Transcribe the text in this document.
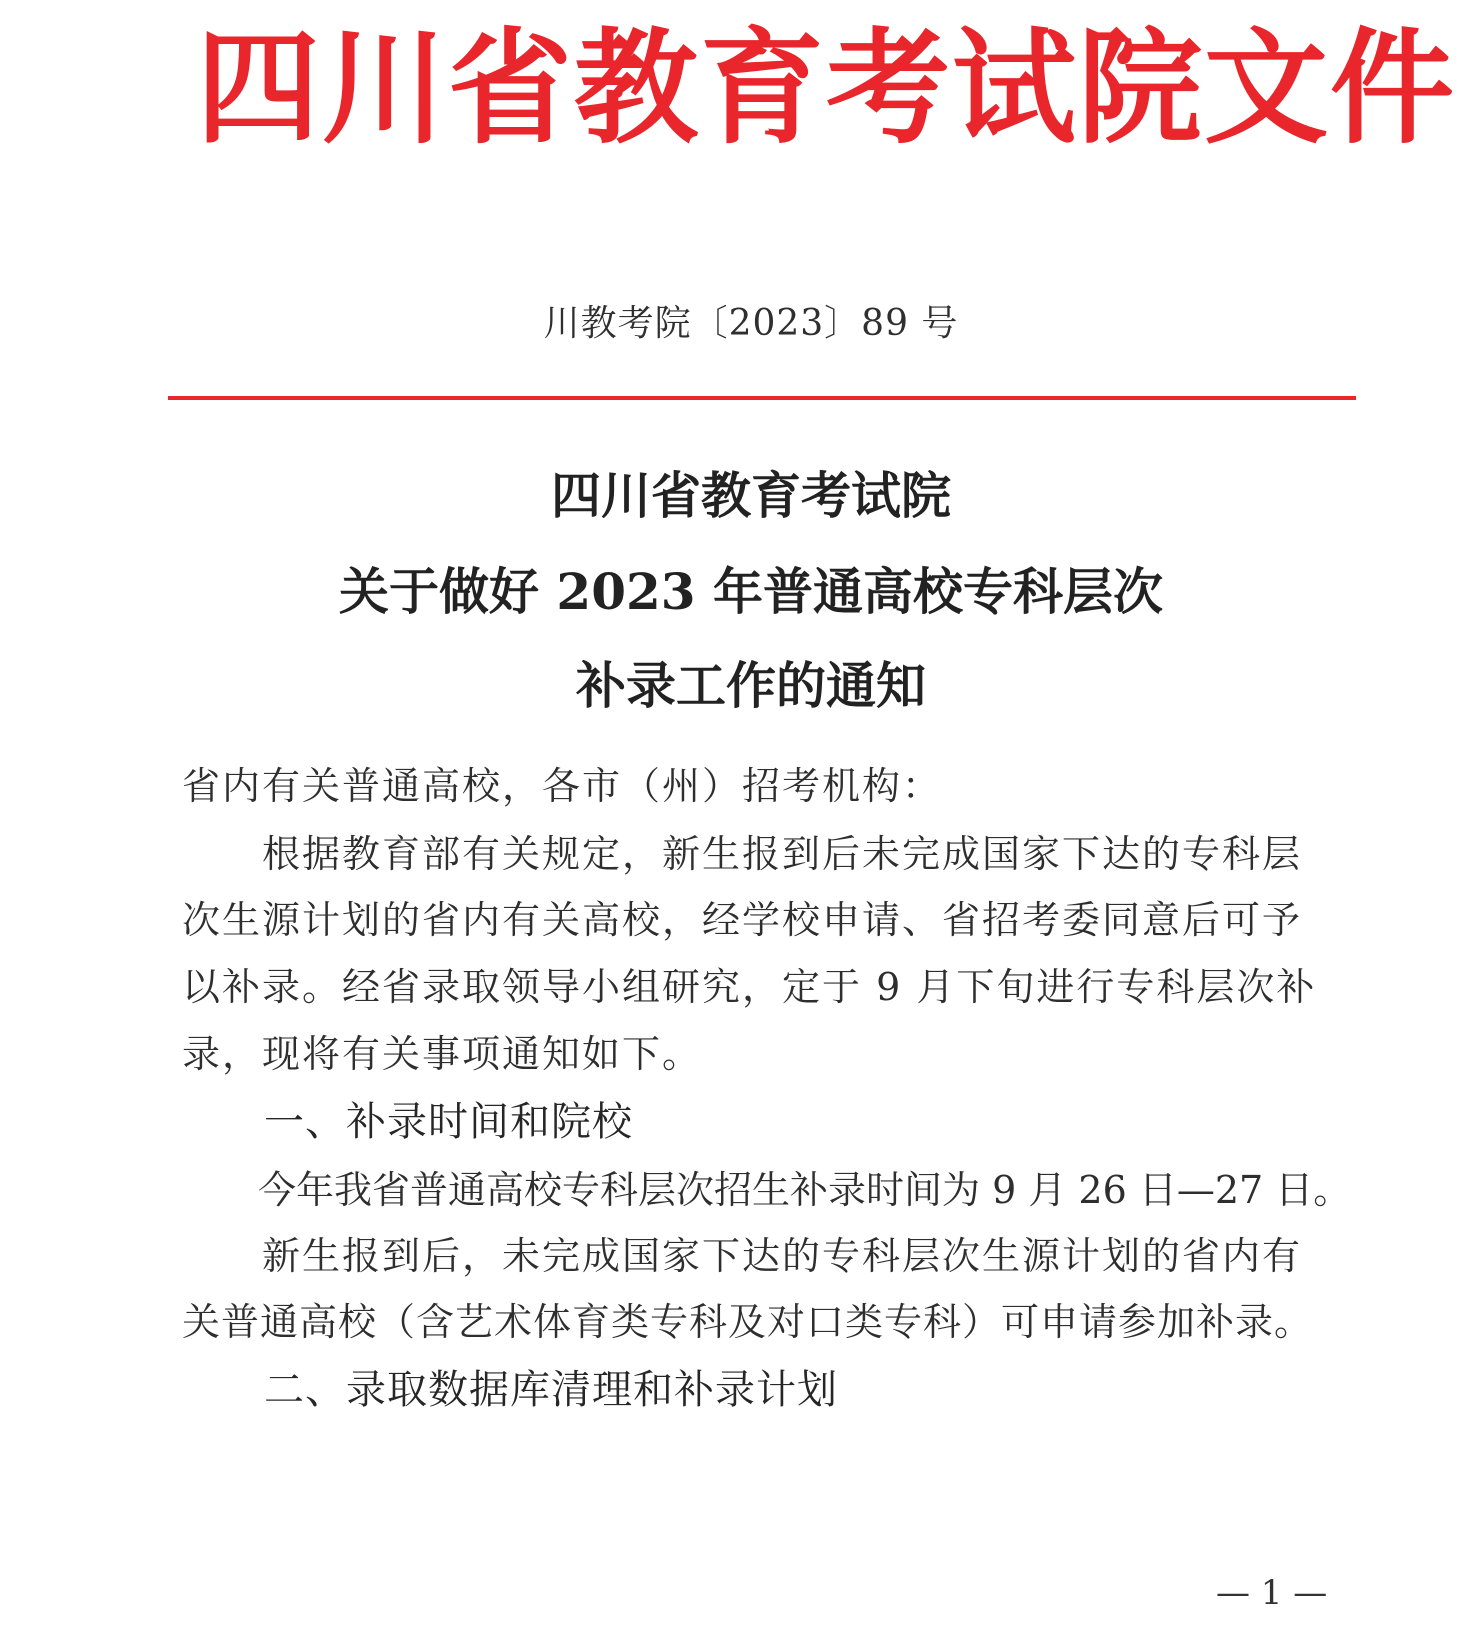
四川省教育考试院文件
川教考院〔2023〕89 号
四川省教育考试院
关于做好 2023 年普通高校专科层次
补录工作的通知
省内有关普通高校，各市（州）招考机构：
根据教育部有关规定，新生报到后未完成国家下达的专科层
次生源计划的省内有关高校，经学校申请、省招考委同意后可予
以补录。经省录取领导小组研究，定于 9 月下旬进行专科层次补
录，现将有关事项通知如下。
一、补录时间和院校
今年我省普通高校专科层次招生补录时间为 9 月 26 日—27 日。
新生报到后，未完成国家下达的专科层次生源计划的省内有
关普通高校（含艺术体育类专科及对口类专科）可申请参加补录。
二、录取数据库清理和补录计划
— 1 —
